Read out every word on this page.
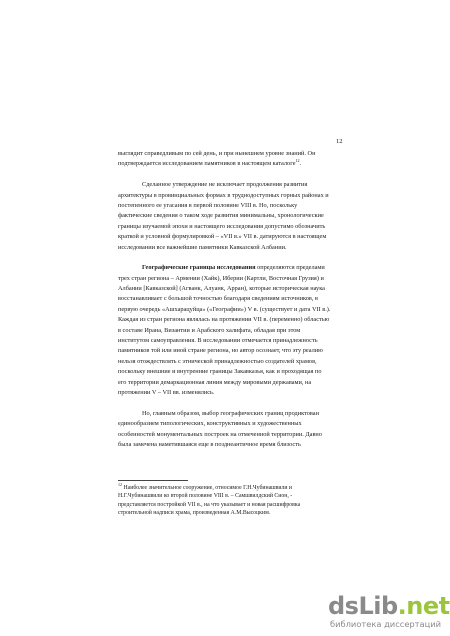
12
выглядит справедливым по сей день, и при нынешнем уровне знаний. Он
подтверждается исследованием памятников в настоящем каталоге$^{12}$.
Сделанное утверждение не исключает продолжения развития
архитектуры в провинциальных формах в труднодоступных горных районах и
постепенного ее угасания в первой половине VIII в. Но, поскольку
фактические сведения о таком ходе развития минимальны, хронологические
границы изучаемой эпохи и настоящего исследования допустимо обозначить
краткой и условной формулировкой – «VII в.» VII в. датируются в настоящем
исследовании все важнейшие памятники Кавказской Албании.
Географические границы исследования определяются пределами
трех стран региона – Армении (Хайк), Иберии (Картли, Восточная Грузия) и
Албании [Кавказской] (Агванк, Алуанк, Арран), которые историческая наука
восстанавливает с большой точностью благодаря сведениям источников, в
первую очередь «Ашхарацуйца» («Географии») V в. (существует и дата VII в.).
Каждая из стран региона являлась на протяжении VII в. (переменно) областью
в составе Ирана, Византии и Арабского халифата, обладая при этом
институтом самоуправления. В исследовании отмечается принадлежность
памятников той или иной стране региона, но автор осознает, что эту реалию
нельзя отождествлять с этнической принадлежностью создателей храмов,
поскольку внешние и внутренние границы Закавказья, как и проходящая по
его территории демаркационная линия между мировыми державами, на
протяжении V – VII вв. изменялись.
Но, главным образом, выбор географических границ продиктован
единообразием типологических, конструктивных и художественных
особенностей монументальных построек на отмеченной территории. Давно
была замечена наметившаяся еще в позднеантичное время близость
$^{12}$ Наиболее значительное сооружение, относимое Г.Н.Чубинашвили и
Н.Г.Чубинашвили ко второй половине VIII в. – Самшвилдский Сион, -
представляется постройкой VII в., на что указывает и новая расшифровка
строительной надписи храма, произведенная А.М.Высоцким.
dsLib.net
библиотека диссертаций
